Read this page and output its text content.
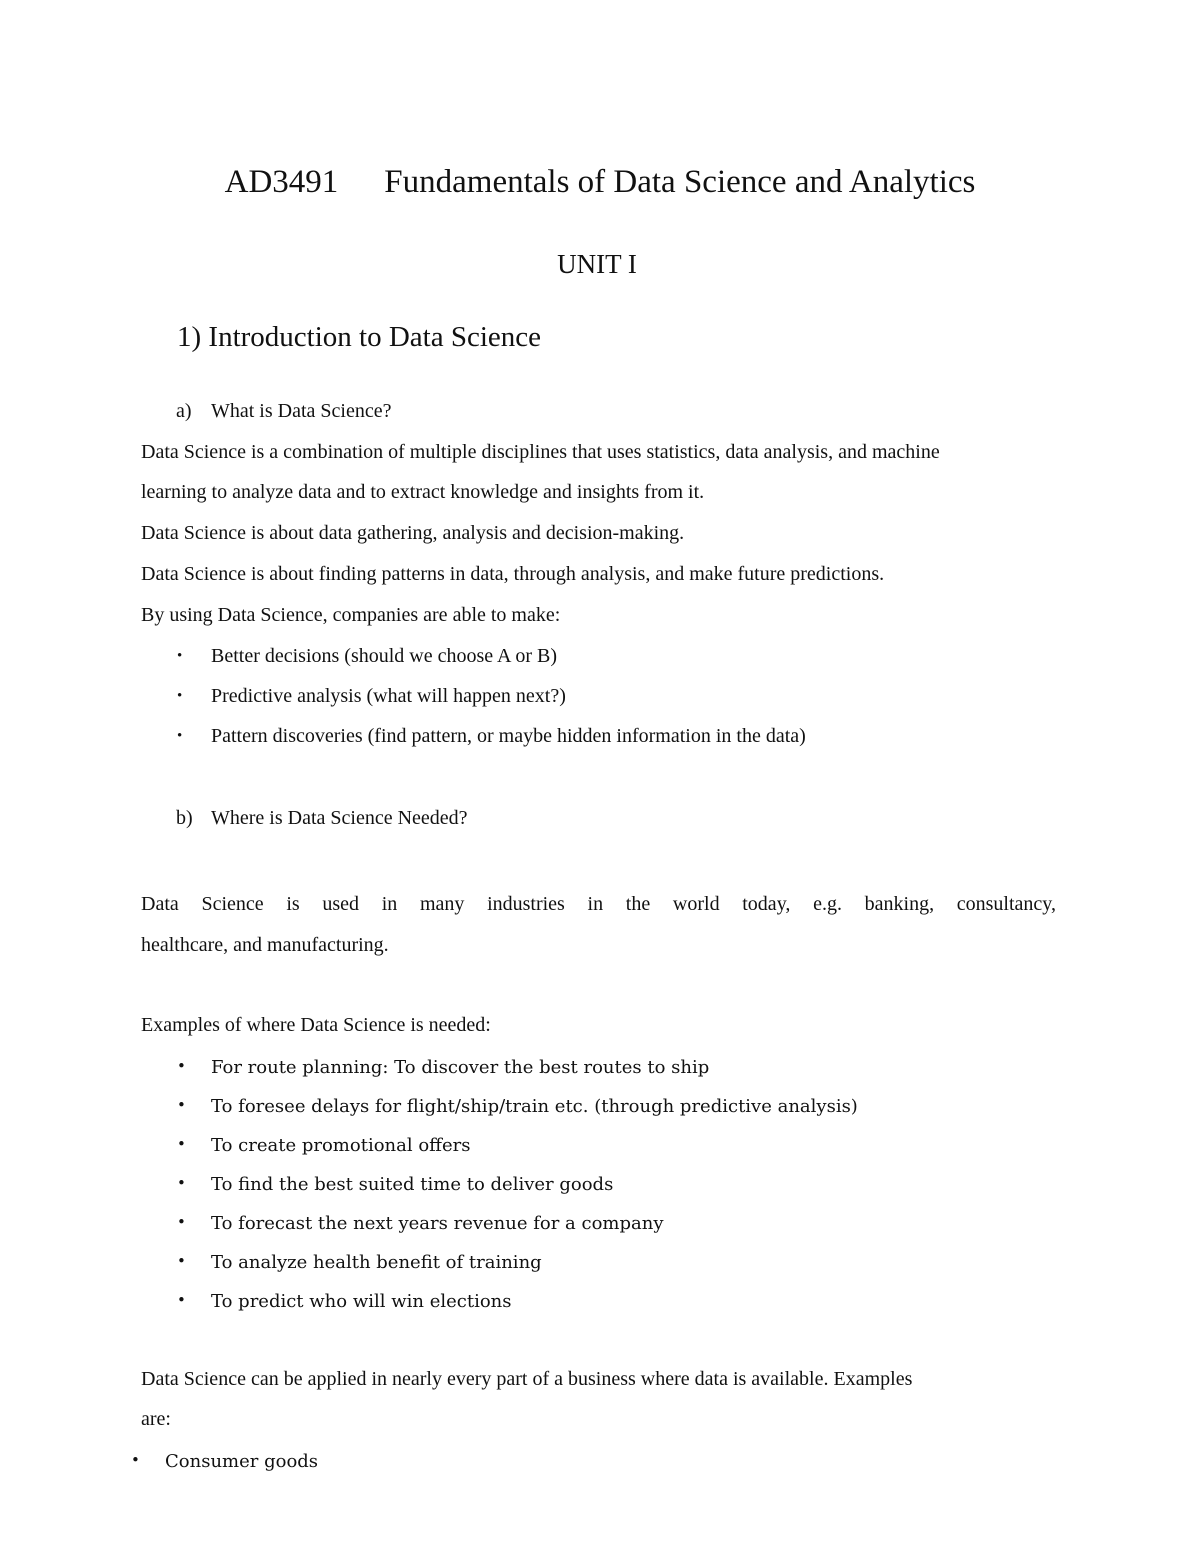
AD3491 Fundamentals of Data Science and Analytics
UNIT I
1) Introduction to Data Science
a) What is Data Science?
Data Science is a combination of multiple disciplines that uses statistics, data analysis, and machine
learning to analyze data and to extract knowledge and insights from it.
Data Science is about data gathering, analysis and decision-making.
Data Science is about finding patterns in data, through analysis, and make future predictions.
By using Data Science, companies are able to make:
• Better decisions (should we choose A or B)
• Predictive analysis (what will happen next?)
• Pattern discoveries (find pattern, or maybe hidden information in the data)
b) Where is Data Science Needed?
Data Science is used in many industries in the world today, e.g. banking, consultancy,
healthcare, and manufacturing.
Examples of where Data Science is needed:
• For route planning: To discover the best routes to ship
• To foresee delays for flight/ship/train etc. (through predictive analysis)
• To create promotional offers
• To find the best suited time to deliver goods
• To forecast the next years revenue for a company
• To analyze health benefit of training
• To predict who will win elections
Data Science can be applied in nearly every part of a business where data is available. Examples
are:
• Consumer goods
